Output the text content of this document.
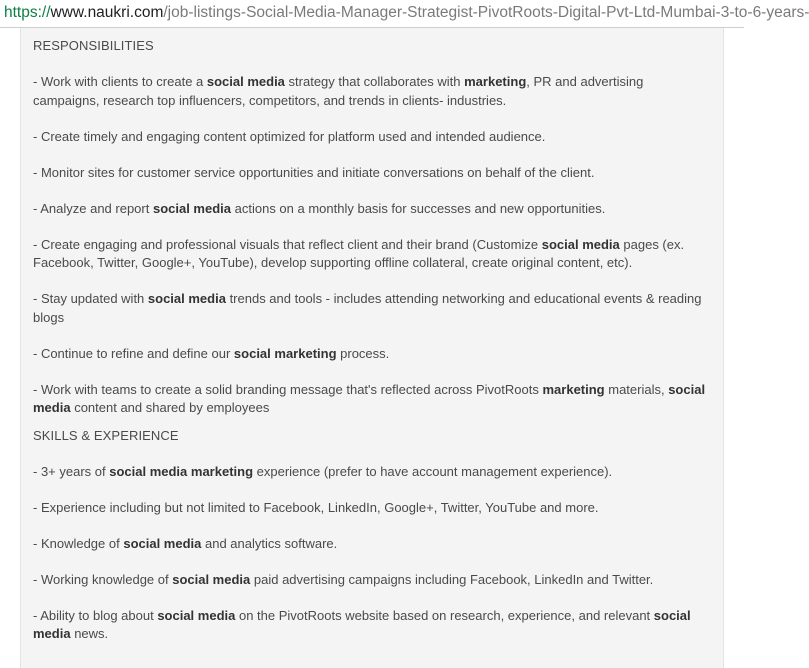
https://www.naukri.com/job-listings-Social-Media-Manager-Strategist-PivotRoots-Digital-Pvt-Ltd-Mumbai-3-to-6-years-
RESPONSIBILITIES
- Work with clients to create a social media strategy that collaborates with marketing, PR and advertising campaigns, research top influencers, competitors, and trends in clients- industries.
- Create timely and engaging content optimized for platform used and intended audience.
- Monitor sites for customer service opportunities and initiate conversations on behalf of the client.
- Analyze and report social media actions on a monthly basis for successes and new opportunities.
- Create engaging and professional visuals that reflect client and their brand (Customize social media pages (ex. Facebook, Twitter, Google+, YouTube), develop supporting offline collateral, create original content, etc).
- Stay updated with social media trends and tools - includes attending networking and educational events & reading blogs
- Continue to refine and define our social marketing process.
- Work with teams to create a solid branding message that's reflected across PivotRoots marketing materials, social media content and shared by employees
SKILLS & EXPERIENCE
- 3+ years of social media marketing experience (prefer to have account management experience).
- Experience including but not limited to Facebook, LinkedIn, Google+, Twitter, YouTube and more.
- Knowledge of social media and analytics software.
- Working knowledge of social media paid advertising campaigns including Facebook, LinkedIn and Twitter.
- Ability to blog about social media on the PivotRoots website based on research, experience, and relevant social media news.
